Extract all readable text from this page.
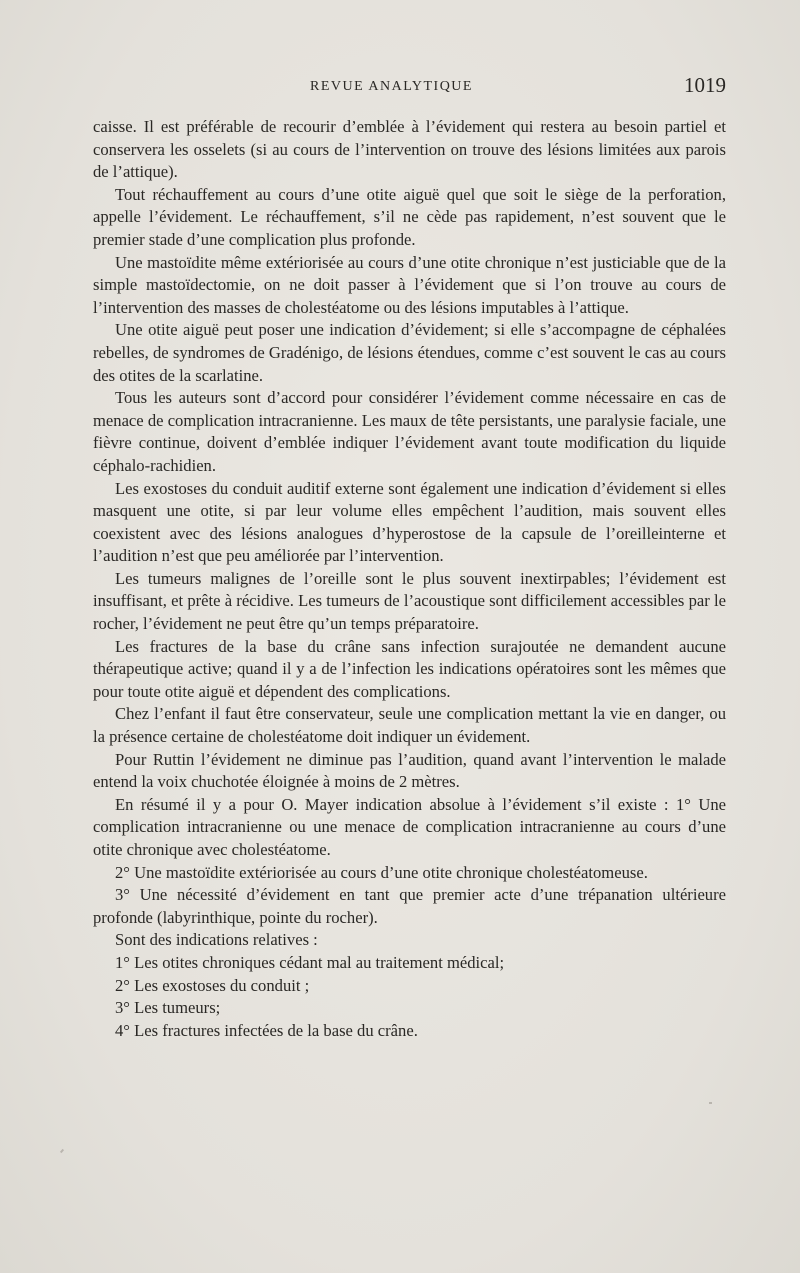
REVUE ANALYTIQUE	1019

caisse. Il est préférable de recourir d’emblée à l’évidement qui restera au besoin partiel et conservera les osselets (si au cours de l’intervention on trouve des lésions limitées aux parois de l’attique).

Tout réchauffement au cours d’une otite aiguë quel que soit le siège de la perforation, appelle l’évidement. Le réchauffement, s’il ne cède pas rapidement, n’est souvent que le premier stade d’une complication plus profonde.

Une mastoïdite même extériorisée au cours d’une otite chronique n’est justiciable que de la simple mastoïdectomie, on ne doit passer à l’évidement que si l’on trouve au cours de l’intervention des masses de cholestéatome ou des lésions imputables à l’attique.

Une otite aiguë peut poser une indication d’évidement; si elle s’accompagne de céphalées rebelles, de syndromes de Gradénigo, de lésions étendues, comme c’est souvent le cas au cours des otites de la scarlatine.

Tous les auteurs sont d’accord pour considérer l’évidement comme nécessaire en cas de menace de complication intracranienne. Les maux de tête persistants, une paralysie faciale, une fièvre continue, doivent d’emblée indiquer l’évidement avant toute modification du liquide céphalo-rachidien.

Les exostoses du conduit auditif externe sont également une indication d’évidement si elles masquent une otite, si par leur volume elles empêchent l’audition, mais souvent elles coexistent avec des lésions analogues d’hyperostose de la capsule de l’oreilleinterne et l’audition n’est que peu améliorée par l’intervention.

Les tumeurs malignes de l’oreille sont le plus souvent inextirpables; l’évidement est insuffisant, et prête à récidive. Les tumeurs de l’acoustique sont difficilement accessibles par le rocher, l’évidement ne peut être qu’un temps préparatoire.

Les fractures de la base du crâne sans infection surajoutée ne demandent aucune thérapeutique active; quand il y a de l’infection les indications opératoires sont les mêmes que pour toute otite aiguë et dépendent des complications.

Chez l’enfant il faut être conservateur, seule une complication mettant la vie en danger, ou la présence certaine de cholestéatome doit indiquer un évidement.

Pour Ruttin l’évidement ne diminue pas l’audition, quand avant l’intervention le malade entend la voix chuchotée éloignée à moins de 2 mètres.

En résumé il y a pour O. Mayer indication absolue à l’évidement s’il existe : 1° Une complication intracranienne ou une menace de complication intracranienne au cours d’une otite chronique avec cholestéatome.

2° Une mastoïdite extériorisée au cours d’une otite chronique cholestéatomeuse.

3° Une nécessité d’évidement en tant que premier acte d’une trépanation ultérieure profonde (labyrinthique, pointe du rocher).

Sont des indications relatives :

1° Les otites chroniques cédant mal au traitement médical;

2° Les exostoses du conduit ;

3° Les tumeurs;

4° Les fractures infectées de la base du crâne.
